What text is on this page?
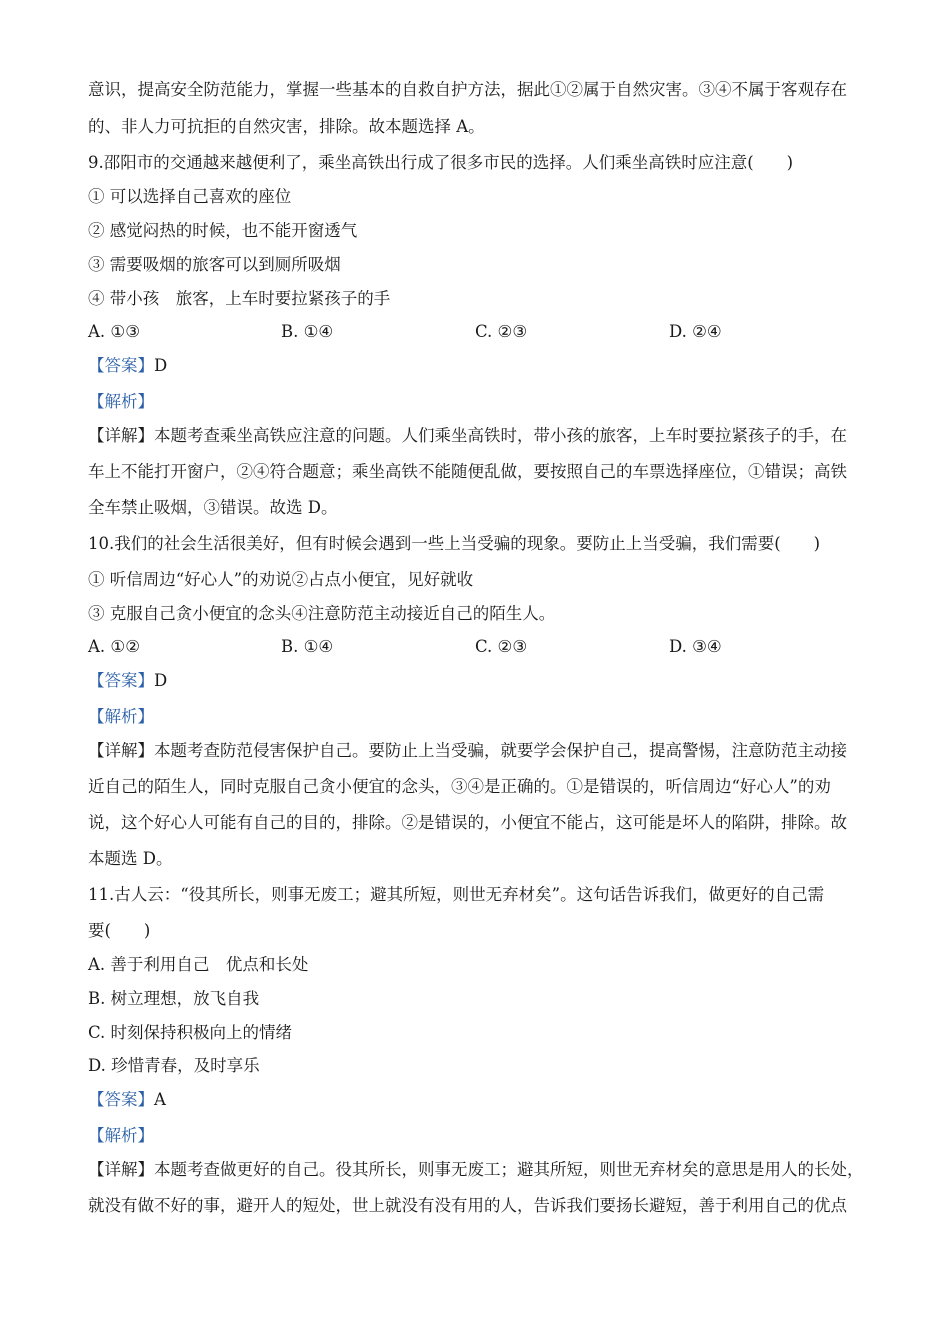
意识，提高安全防范能力，掌握一些基本的自救自护方法，据此①②属于自然灾害。③④不属于客观存在
的、非人力可抗拒的自然灾害，排除。故本题选择 A。
9.邵阳市的交通越来越便利了，乘坐高铁出行成了很多市民的选择。人们乘坐高铁时应注意(　　)
① 可以选择自己喜欢的座位
② 感觉闷热的时候，也不能开窗透气
③ 需要吸烟的旅客可以到厕所吸烟
④ 带小孩　旅客，上车时要拉紧孩子的手
A. ①③	B. ①④	C. ②③	D. ②④
【答案】D
【解析】
【详解】本题考查乘坐高铁应注意的问题。人们乘坐高铁时，带小孩的旅客，上车时要拉紧孩子的手，在
车上不能打开窗户，②④符合题意；乘坐高铁不能随便乱做，要按照自己的车票选择座位，①错误；高铁
全车禁止吸烟，③错误。故选 D。
10.我们的社会生活很美好，但有时候会遇到一些上当受骗的现象。要防止上当受骗，我们需要(　　)
① 听信周边“好心人”的劝说②占点小便宜，见好就收
③ 克服自己贪小便宜的念头④注意防范主动接近自己的陌生人。
A. ①②	B. ①④	C. ②③	D. ③④
【答案】D
【解析】
【详解】本题考查防范侵害保护自己。要防止上当受骗，就要学会保护自己，提高警惕，注意防范主动接
近自己的陌生人，同时克服自己贪小便宜的念头，③④是正确的。①是错误的，听信周边“好心人”的劝
说，这个好心人可能有自己的目的，排除。②是错误的，小便宜不能占，这可能是坏人的陷阱，排除。故
本题选 D。
11.古人云：“役其所长，则事无废工；避其所短，则世无弃材矣”。这句话告诉我们，做更好的自己需
要(　　)
A. 善于利用自己　优点和长处
B. 树立理想，放飞自我
C. 时刻保持积极向上的情绪
D. 珍惜青春，及时享乐
【答案】A
【解析】
【详解】本题考查做更好的自己。役其所长，则事无废工；避其所短，则世无弃材矣的意思是用人的长处，
就没有做不好的事，避开人的短处，世上就没有没有用的人，告诉我们要扬长避短，善于利用自己的优点
